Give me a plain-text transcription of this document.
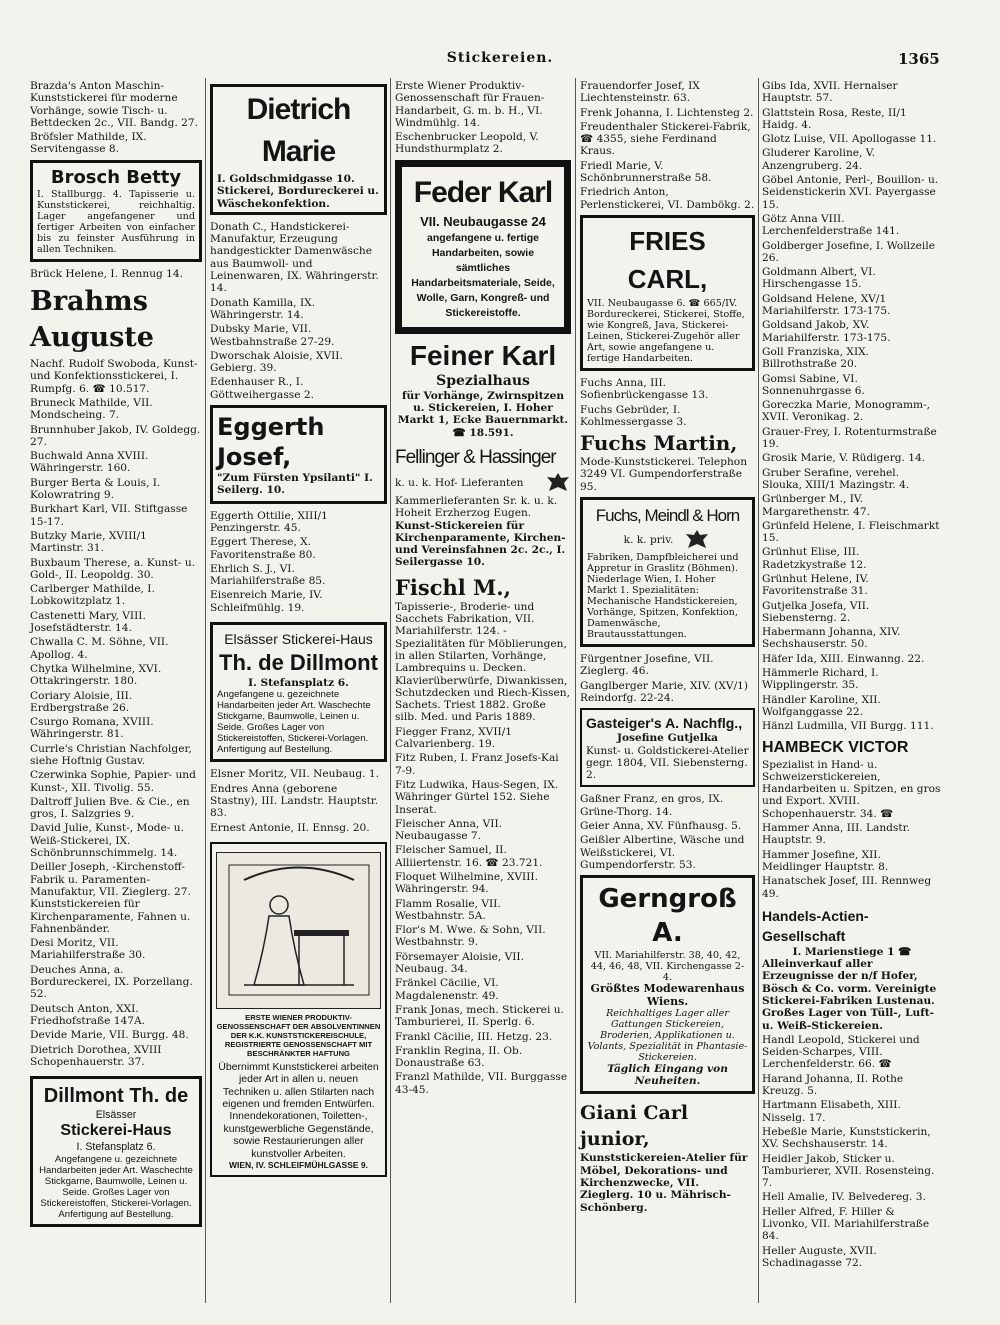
Stickereien.	1365
Brazda's Anton Maschin-Kunststickerei für moderne Vorhänge, sowie Tisch- u. Bettdecken 2c., VII. Bandg. 27.
Bröfsler Mathilde, IX. Servitengasse 8.
Brosch Betty
I. Stallburgg. 4. Tapisserie u. Kunststickerei, reichhaltig. Lager angefangener und fertiger Arbeiten von einfacher bis zu feinster Ausführung in allen Techniken.
Brück Helene, I. Rennug 14.
Brahms Auguste
Nachf. Rudolf Swoboda, Kunst- und Konfektionsstickerei, I. Rumpfg. 6. ☎ 10.517.
Bruneck Mathilde, VII. Mondscheing. 7.
Brunnhuber Jakob, IV. Goldegg. 27.
Buchwald Anna XVIII. Währingerstr. 160.
Burger Berta & Louis, I. Kolowratring 9.
Burkhart Karl, VII. Stiftgasse 15-17.
Butzky Marie, XVIII/1 Martinstr. 31.
Buxbaum Therese, a. Kunst- u. Gold-, II. Leopoldg. 30.
Carlberger Mathilde, I. Lobkowitzplatz 1.
Castenetti Mary, VIII. Josefstädterstr. 14.
Chwalla C. M. Söhne, VII. Apollog. 4.
Chytka Wilhelmine, XVI. Ottakringerstr. 180.
Coriary Aloisie, III. Erdbergstraße 26.
Csurgo Romana, XVIII. Währingerstr. 81.
Currle's Christian Nachfolger, siehe Hoftnig Gustav.
Czerwinka Sophie, Papier- und Kunst-, XII. Tivolig. 55.
Daltroff Julien Bve. & Cie., en gros, I. Salzgries 9.
David Julie, Kunst-, Mode- u. Weiß-Stickerei, IX. Schönbrunnschimmelg. 14.
Deiller Joseph, -Kirchenstoff-Fabrik u. Paramenten-Manufaktur, VII. Zieglerg. 27. Kunststickereien für Kirchenparamente, Fahnen u. Fahnenbänder.
Desi Moritz, VII. Mariahilferstraße 30.
Deuches Anna, a. Bordureckerei, IX. Porzellang. 52.
Deutsch Anton, XXI. Friedhofstraße 147A.
Devide Marie, VII. Burgg. 48.
Dietrich Dorothea, XVIII Schopenhauerstr. 37.
Dillmont Th. de
Elsässer
Stickerei-Haus
I. Stefansplatz 6.
Angefangene u. gezeichnete Handarbeiten jeder Art. Waschechte Stickgarne, Baumwolle, Leinen u. Seide. Großes Lager von Stickereistoffen, Stickerei-Vorlagen. Anfertigung auf Bestellung.
Dietrich Marie
I. Goldschmidgasse 10. Stickerei, Bordureckerei u. Wäschekonfektion.
Donath C., Handstickerei-Manufaktur, Erzeugung handgestickter Damenwäsche aus Baumwoll- und Leinenwaren, IX. Währingerstr. 14.
Donath Kamilla, IX. Währingerstr. 14.
Dubsky Marie, VII. Westbahnstraße 27-29.
Dworschak Aloisie, XVII. Gebierg. 39.
Edenhauser R., I. Göttweihergasse 2.
Eggerth Josef,
"Zum Fürsten Ypsilanti" I. Seilerg. 10.
Eggerth Ottilie, XIII/1 Penzingerstr. 45.
Eggert Therese, X. Favoritenstraße 80.
Ehrlich S. J., VI. Mariahilferstraße 85.
Eisenreich Marie, IV. Schleifmühlg. 19.
Elsässer Stickerei-Haus
Th. de Dillmont
I. Stefansplatz 6.
Angefangene u. gezeichnete Handarbeiten jeder Art. Waschechte Stickgarne, Baumwolle, Leinen u. Seide. Großes Lager von Stickereistoffen, Stickerei-Vorlagen. Anfertigung auf Bestellung.
Elsner Moritz, VII. Neubaug. 1.
Endres Anna (geborene Stastny), III. Landstr. Hauptstr. 83.
Ernest Antonie, II. Ennsg. 20.
ERSTE WIENER PRODUKTIV-GENOSSENSCHAFT DER ABSOLVENTINNEN DER K.K. KUNSTSTICKEREISCHULE, REGISTRIERTE GENOSSENSCHAFT MIT BESCHRÄNKTER HAFTUNG
Übernimmt Kunststickerei arbeiten jeder Art in allen u. neuen Techniken u. allen Stilarten nach eigenen und fremden Entwürfen. Innendekorationen, Toiletten-, kunstgewerbliche Gegenstände, sowie Restaurierungen aller kunstvoller Arbeiten.
WIEN, IV. SCHLEIFMÜHLGASSE 9.
Erste Wiener Produktiv-Genossenschaft für Frauen-Handarbeit, G. m. b. H., VI. Windmühlg. 14.
Eschenbrucker Leopold, V. Hundsthurmplatz 2.
Feder Karl
VII. Neubaugasse 24
angefangene u. fertige Handarbeiten, sowie sämtliches Handarbeitsmateriale, Seide, Wolle, Garn, Kongreß- und Stickereistoffe.
Feiner Karl
Spezialhaus
für Vorhänge, Zwirnspitzen u. Stickereien, I. Hoher Markt 1, Ecke Bauernmarkt. ☎ 18.591.
Fellinger & Hassinger
k. u. k. Hof- Lieferanten
Kammerlieferanten Sr. k. u. k. Hoheit Erzherzog Eugen.
Kunst-Stickereien für Kirchenparamente, Kirchen- und Vereinsfahnen 2c. 2c., I. Seilergasse 10.
Fischl M.,
Tapisserie-, Broderie- und Sacchets Fabrikation, VII. Mariahilferstr. 124. -Spezialitäten für Möblierungen, in allen Stilarten, Vorhänge, Lambrequins u. Decken. Klavierüberwürfe, Diwankissen, Schutzdecken und Riech-Kissen, Sachets. Triest 1882. Große silb. Med. und Paris 1889.
Fiegger Franz, XVII/1 Calvarienberg. 19.
Fitz Ruben, I. Franz Josefs-Kai 7-9.
Fitz Ludwika, Haus-Segen, IX. Währinger Gürtel 152. Siehe Inserat.
Fleischer Anna, VII. Neubaugasse 7.
Fleischer Samuel, II. Alliiertenstr. 16. ☎ 23.721.
Floquet Wilhelmine, XVIII. Währingerstr. 94.
Flamm Rosalie, VII. Westbahnstr. 5A.
Flor's M. Wwe. & Sohn, VII. Westbahnstr. 9.
Försemayer Aloisie, VII. Neubaug. 34.
Fränkel Cäcilie, VI. Magdalenenstr. 49.
Frank Jonas, mech. Stickerei u. Tamburierei, II. Sperlg. 6.
Frankl Cäcilie, III. Hetzg. 23.
Franklin Regina, II. Ob. Donaustraße 63.
Franzl Mathilde, VII. Burggasse 43-45.
Frauendorfer Josef, IX Liechtensteinstr. 63.
Frenk Johanna, I. Lichtensteg 2.
Freudenthaler Stickerei-Fabrik, ☎ 4355, siehe Ferdinand Kraus.
Friedl Marie, V. Schönbrunnerstraße 58.
Friedrich Anton, Perlenstickerei, VI. Dambökg. 2.
FRIES CARL,
VII. Neubaugasse 6. ☎ 665/IV. Bordureckerei, Stickerei, Stoffe, wie Kongreß, Java, Stickerei-Leinen, Stickerei-Zugehör aller Art, sowie angefangene u. fertige Handarbeiten.
Fuchs Anna, III. Sofienbrückengasse 13.
Fuchs Gebrüder, I. Kohlmessergasse 3.
Fuchs Martin,
Mode-Kunststickerei. Telephon 3249 VI. Gumpendorferstraße 95.
Fuchs, Meindl & Horn
k. k. priv.
Fabriken, Dampfbleicherei und Appretur in Graslitz (Böhmen). Niederlage Wien, I. Hoher Markt 1. Spezialitäten: Mechanische Handstickereien, Vorhänge, Spitzen, Konfektion, Damenwäsche, Brautausstattungen.
Fürgentner Josefine, VII. Zieglerg. 46.
Ganglberger Marie, XIV. (XV/1) Reindorfg. 22-24.
Gasteiger's A. Nachflg.,
Josefine Gutjelka
Kunst- u. Goldstickerei-Atelier gegr. 1804, VII. Siebensterng. 2.
Gaßner Franz, en gros, IX. Grüne-Thorg. 14.
Geier Anna, XV. Fünfhausg. 5.
Geißler Albertine, Wäsche und Weißstickerei, VI. Gumpendorferstr. 53.
Gerngroß A.
VII. Mariahilferstr. 38, 40, 42, 44, 46, 48, VII. Kirchengasse 2-4.
Größtes Modewarenhaus Wiens.
Reichhaltiges Lager aller Gattungen Stickereien, Broderien, Applikationen u. Volants, Spezialität in Phantasie-Stickereien.
Täglich Eingang von Neuheiten.
Giani Carl junior,
Kunststickereien-Atelier für Möbel, Dekorations- und Kirchenzwecke, VII. Zieglerg. 10 u. Mährisch-Schönberg.
Gibs Ida, XVII. Hernalser Hauptstr. 57.
Glattstein Rosa, Reste, II/1 Haidg. 4.
Glotz Luise, VII. Apollogasse 11.
Gluderer Karoline, V. Anzengruberg. 24.
Göbel Antonie, Perl-, Bouillon- u. Seidenstickerin XVI. Payergasse 15.
Götz Anna VIII. Lerchenfelderstraße 141.
Goldberger Josefine, I. Wollzeile 26.
Goldmann Albert, VI. Hirschengasse 15.
Goldsand Helene, XV/1 Mariahilferstr. 173-175.
Goldsand Jakob, XV. Mariahilferstr. 173-175.
Goll Franziska, XIX. Billrothstraße 20.
Gomsi Sabine, VI. Sonnenuhrgasse 6.
Goreczka Marie, Monogramm-, XVII. Veronikag. 2.
Grauer-Frey, I. Rotenturmstraße 19.
Grosik Marie, V. Rüdigerg. 14.
Gruber Serafine, verehel. Slouka, XIII/1 Mazingstr. 4.
Grünberger M., IV. Margarethenstr. 47.
Grünfeld Helene, I. Fleischmarkt 15.
Grünhut Elise, III. Radetzkystraße 12.
Grünhut Helene, IV. Favoritenstraße 31.
Gutjelka Josefa, VII. Siebensterng. 2.
Habermann Johanna, XIV. Sechshauserstr. 50.
Häfer Ida, XIII. Einwanng. 22.
Hämmerle Richard, I. Wipplingerstr. 35.
Händler Karoline, XII. Wolfganggasse 22.
Hänzl Ludmilla, VII Burgg. 111.
HAMBECK VICTOR
Spezialist in Hand- u. Schweizerstickereien, Handarbeiten u. Spitzen, en gros und Export. XVIII. Schopenhauerstr. 34. ☎
Hammer Anna, III. Landstr. Hauptstr. 9.
Hammer Josefine, XII. Meidlinger Hauptstr. 8.
Hanatschek Josef, III. Rennweg 49.
Handels-Actien-Gesellschaft
I. Marienstiege 1 ☎
Alleinverkauf aller Erzeugnisse der n/f Hofer, Bösch & Co. vorm. Vereinigte Stickerei-Fabriken Lustenau. Großes Lager von Tüll-, Luft- u. Weiß-Stickereien.
Handl Leopold, Stickerei und Seiden-Scharpes, VIII. Lerchenfelderstr. 66. ☎
Harand Johanna, II. Rothe Kreuzg. 5.
Hartmann Elisabeth, XIII. Nisselg. 17.
Hebeßle Marie, Kunststickerin, XV. Sechshauserstr. 14.
Heidler Jakob, Sticker u. Tamburierer, XVII. Rosensteing. 7.
Hell Amalie, IV. Belvedereg. 3.
Heller Alfred, F. Hiller & Livonko, VII. Mariahilferstraße 84.
Heller Auguste, XVII. Schadinagasse 72.
